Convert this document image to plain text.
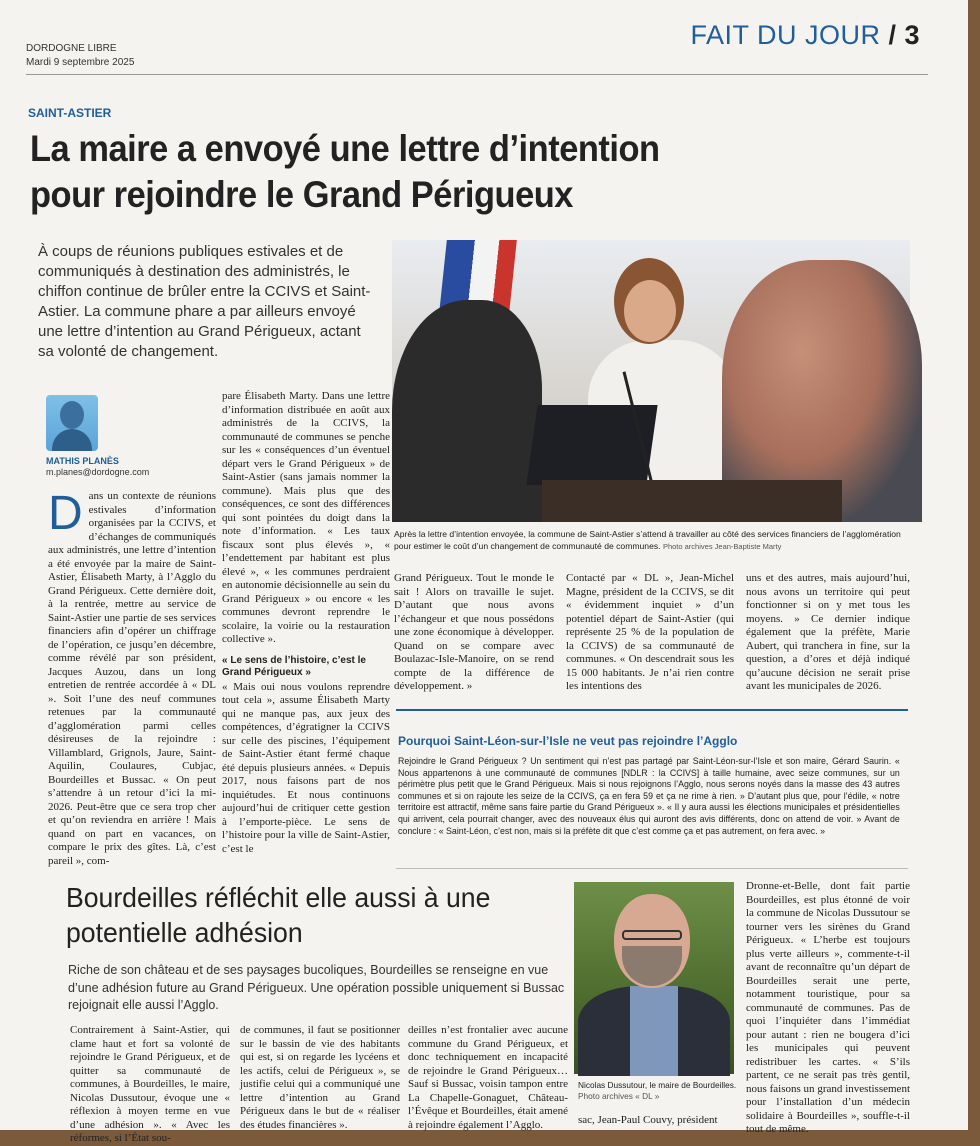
DORDOGNE LIBRE
Mardi 9 septembre 2025
FAIT DU JOUR / 3
SAINT-ASTIER
La maire a envoyé une lettre d’intention pour rejoindre le Grand Périgueux
À coups de réunions publiques estivales et de communiqués à destination des administrés, le chiffon continue de brûler entre la CCIVS et Saint-Astier. La commune phare a par ailleurs envoyé une lettre d’intention au Grand Périgueux, actant sa volonté de changement.
MATHIS PLANÈS
m.planes@dordogne.com

Dans un contexte de réunions estivales d’information organisées par la CCIVS, et d’échanges de communiqués aux administrés, une lettre d’intention a été envoyée par la maire de Saint-Astier, Élisabeth Marty, à l’Agglo du Grand Périgueux. Cette dernière doit, à la rentrée, mettre au service de Saint-Astier une partie de ses services financiers afin d’opérer un chiffrage de l’opération, ce jusqu’en décembre, comme révélé par son président, Jacques Auzou, dans un long entretien de rentrée accordée à « DL ». Soit l’une des neuf communes retenues par la communauté d’agglomération parmi celles désireuses de la rejoindre : Villamblard, Grignols, Jaure, Saint-Aquilin, Coulaures, Cubjac, Bourdeilles et Bussac. « On peut s’attendre à un retour d’ici la mi-2026. Peut-être que ce sera trop cher et qu’on reviendra en arrière ! Mais quand on part en vacances, on compare le prix des gîtes. Là, c’est pareil », com-

pare Élisabeth Marty. Dans une lettre d’information distribuée en août aux administrés de la CCIVS, la communauté de communes se penche sur les « conséquences d’un éventuel départ vers le Grand Périgueux » de Saint-Astier (sans jamais nommer la commune). Mais plus que des conséquences, ce sont des différences qui sont pointées du doigt dans la note d’information. « Les taux fiscaux sont plus élevés », « l’endettement par habitant est plus élevé », « les communes perdraient en autonomie décisionnelle au sein du Grand Périgueux » ou encore « les communes devront reprendre le scolaire, la voirie ou la restauration collective ».

« Le sens de l’histoire, c’est le Grand Périgueux »

« Mais oui nous voulons reprendre tout cela », assume Élisabeth Marty qui ne manque pas, aux jeux des compétences, d’égratigner la CCIVS sur celle des piscines, l’équipement de Saint-Astier étant fermé chaque été depuis plusieurs années. « Depuis 2017, nous faisons part de nos inquiétudes. Et nous continuons aujourd’hui de critiquer cette gestion à l’emporte-pièce. Le sens de l’histoire pour la ville de Saint-Astier, c’est le

Après la lettre d’intention envoyée, la commune de Saint-Astier s’attend à travailler au côté des services financiers de l’agglomération pour estimer le coût d’un changement de communauté de communes. Photo archives Jean-Baptiste Marty

Grand Périgueux. Tout le monde le sait ! Alors on travaille le sujet. D’autant que nous avons l’échangeur et que nous possédons une zone économique à développer. Quand on se compare avec Boulazac-Isle-Manoire, on se rend compte de la différence de développement. »

Contacté par « DL », Jean-Michel Magne, président de la CCIVS, se dit « évidemment inquiet » d’un potentiel départ de Saint-Astier (qui représente 25 % de la population de la CCIVS) de sa communauté de communes. « On descendrait sous les 15 000 habitants. Je n’ai rien contre les intentions des

uns et des autres, mais aujourd’hui, nous avons un territoire qui peut fonctionner si on y met tous les moyens. » Ce dernier indique également que la préfète, Marie Aubert, qui tranchera in fine, sur la question, a d’ores et déjà indiqué qu’aucune décision ne serait prise avant les municipales de 2026.

Pourquoi Saint-Léon-sur-l’Isle ne veut pas rejoindre l’Agglo
Rejoindre le Grand Périgueux ? Un sentiment qui n’est pas partagé par Saint-Léon-sur-l’Isle et son maire, Gérard Saurin. « Nous appartenons à une communauté de communes [NDLR : la CCIVS] à taille humaine, avec seize communes, sur un périmètre plus petit que le Grand Périgueux. Mais si nous rejoignons l’Agglo, nous serons noyés dans la masse des 43 autres communes et si on rajoute les seize de la CCIVS, ça en fera 59 et ça ne rime à rien. » D’autant plus que, pour l’édile, « notre territoire est attractif, même sans faire partie du Grand Périgueux ». « Il y aura aussi les élections municipales et présidentielles qui arrivent, cela pourrait changer, avec des nouveaux élus qui auront des avis différents, donc on attend de voir. » Avant de conclure : « Saint-Léon, c’est non, mais si la préfète dit que c’est comme ça et pas autrement, on fera avec. »
Bourdeilles réfléchit elle aussi à une potentielle adhésion
Riche de son château et de ses paysages bucoliques, Bourdeilles se renseigne en vue d’une adhésion future au Grand Périgueux. Une opération possible uniquement si Bussac rejoignait elle aussi l’Agglo.

Contrairement à Saint-Astier, qui clame haut et fort sa volonté de rejoindre le Grand Périgueux, et de quitter sa communauté de communes, à Bourdeilles, le maire, Nicolas Dussutour, évoque une « réflexion à moyen terme en vue d’une adhésion ». « Avec les réformes, si l’État sou-

de communes, il faut se positionner sur le bassin de vie des habitants qui est, si on regarde les lycéens et les actifs, celui de Périgueux », se justifie celui qui a communiqué une lettre d’intention au Grand Périgueux dans le but de « réaliser des études financières ».

deilles n’est frontalier avec aucune commune du Grand Périgueux, et donc techniquement en incapacité de rejoindre le Grand Périgueux… Sauf si Bussac, voisin tampon entre La Chapelle-Gonaguet, Château-l’Évêque et Bourdeilles, était amené à rejoindre également l’Agglo.

Nicolas Dussutour, le maire de Bourdeilles. Photo archives « DL »

sac, Jean-Paul Couvy, président

Dronne-et-Belle, dont fait partie Bourdeilles, est plus étonné de voir la commune de Nicolas Dussutour se tourner vers les sirènes du Grand Périgueux. « L’herbe est toujours plus verte ailleurs », commente-t-il avant de reconnaître qu’un départ de Bourdeilles serait une perte, notamment touristique, pour sa communauté de communes. Pas de quoi l’inquiéter dans l’immédiat pour autant : rien ne bougera d’ici les municipales qui peuvent redistribuer les cartes. « S’ils partent, ce ne serait pas très gentil, nous faisons un grand investissement pour l’installation d’un médecin solidaire à Bourdeilles », souffle-t-il tout de même.
